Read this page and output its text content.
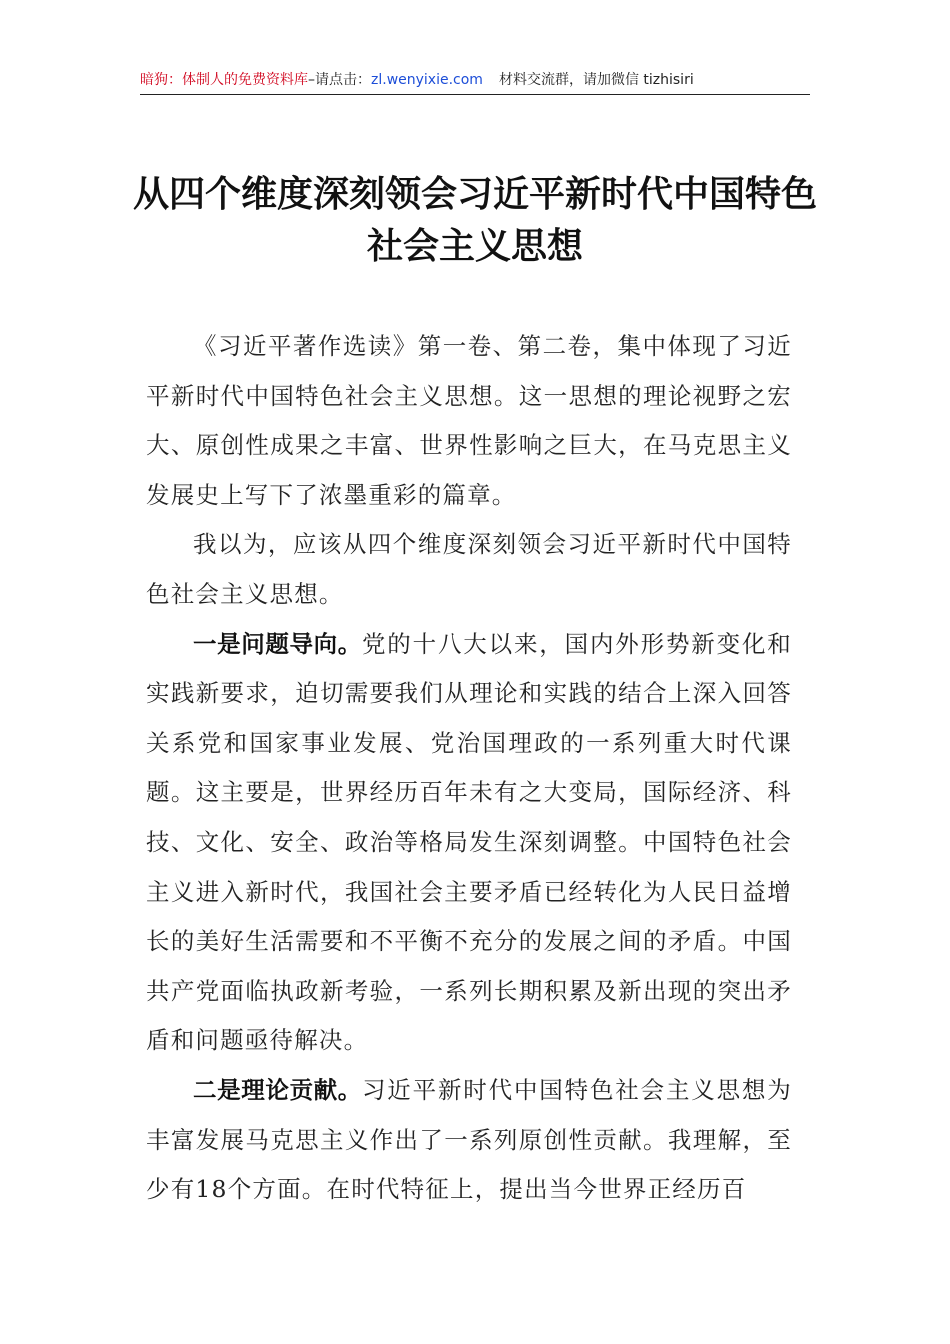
暗狗：体制人的免费资料库–请点击：zl.wenyixie.com 材料交流群，请加微信 tizhisiri
从四个维度深刻领会习近平新时代中国特色社会主义思想

《习近平著作选读》第一卷、第二卷，集中体现了习近平新时代中国特色社会主义思想。这一思想的理论视野之宏大、原创性成果之丰富、世界性影响之巨大，在马克思主义发展史上写下了浓墨重彩的篇章。

我以为，应该从四个维度深刻领会习近平新时代中国特色社会主义思想。

一是问题导向。党的十八大以来，国内外形势新变化和实践新要求，迫切需要我们从理论和实践的结合上深入回答关系党和国家事业发展、党治国理政的一系列重大时代课题。这主要是，世界经历百年未有之大变局，国际经济、科技、文化、安全、政治等格局发生深刻调整。中国特色社会主义进入新时代，我国社会主要矛盾已经转化为人民日益增长的美好生活需要和不平衡不充分的发展之间的矛盾。中国共产党面临执政新考验，一系列长期积累及新出现的突出矛盾和问题亟待解决。

二是理论贡献。习近平新时代中国特色社会主义思想为丰富发展马克思主义作出了一系列原创性贡献。我理解，至少有18个方面。在时代特征上，提出当今世界正经历百
